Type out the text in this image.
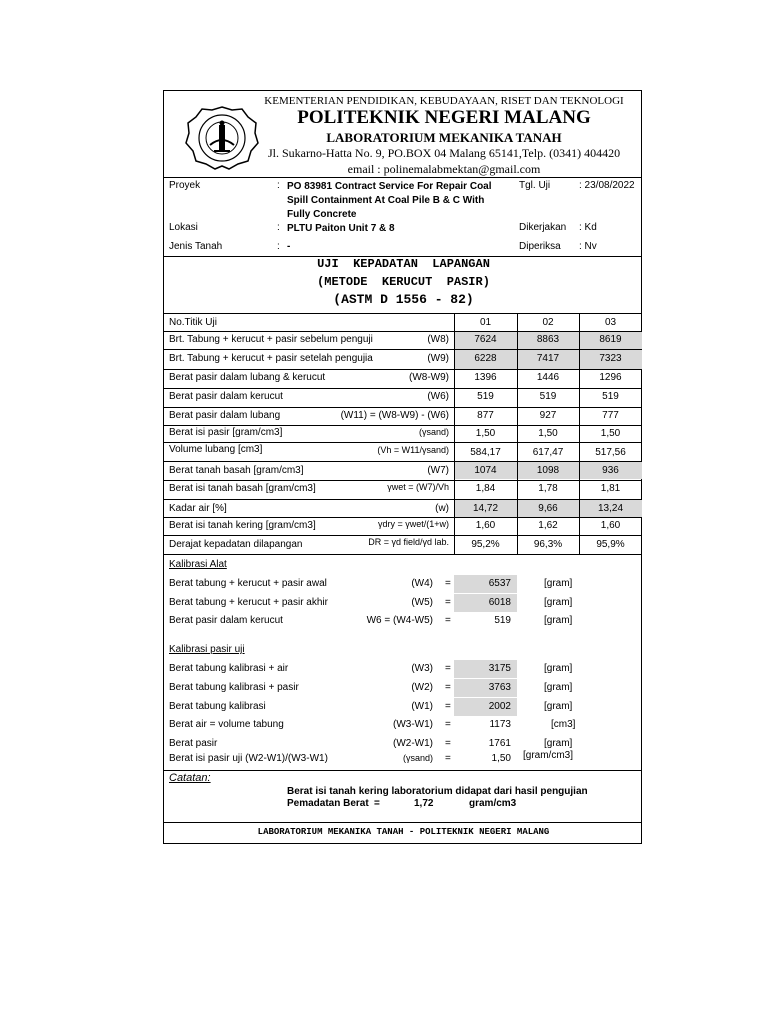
KEMENTERIAN PENDIDIKAN, KEBUDAYAAN, RISET DAN TEKNOLOGI
POLITEKNIK NEGERI MALANG
LABORATORIUM MEKANIKA TANAH
Jl. Sukarno-Hatta No. 9, PO.BOX 04 Malang 65141,Telp. (0341) 404420
email : polinemalabmektan@gmail.com
Proyek	: PO 83981 Contract Service For Repair Coal
Spill Containment At Coal Pile B & C With
Fully Concrete
Tgl. Uji	: 23/08/2022
Lokasi	: PLTU Paiton Unit 7 & 8	Dikerjakan : Kd
Jenis Tanah	: -	Diperiksa : Nv
UJI  KEPADATAN  LAPANGAN
(METODE  KERUCUT  PASIR)
(ASTM D 1556 - 82)
No.Titik Uji	01	02	03
Brt. Tabung + kerucut + pasir sebelum penguji	(W8)	7624	8863	8619
Brt. Tabung + kerucut + pasir setelah pengujia	(W9)	6228	7417	7323
Berat pasir dalam lubang & kerucut	(W8-W9)	1396	1446	1296
Berat pasir dalam kerucut	(W6)	519	519	519
Berat pasir dalam lubang	(W11) = (W8-W9) - (W6)	877	927	777
Berat isi pasir [gram/cm3]	(γsand)	1,50	1,50	1,50
Volume lubang [cm3]	(Vh = W11/γsand)	584,17	617,47	517,56
Berat tanah basah [gram/cm3]	(W7)	1074	1098	936
Berat isi tanah basah [gram/cm3]	γwet = (W7)/Vh	1,84	1,78	1,81
Kadar air [%]	(w)	14,72	9,66	13,24
Berat isi tanah kering [gram/cm3]	γdry = γwet/(1+w)	1,60	1,62	1,60
Derajat kepadatan dilapangan	DR = γd field/γd lab.	95,2%	96,3%	95,9%
Kalibrasi Alat
Berat tabung + kerucut + pasir awal	(W4) =	6537	[gram]
Berat tabung + kerucut + pasir akhir	(W5) =	6018	[gram]
Berat pasir dalam kerucut	W6 = (W4-W5) =	519	[gram]
Kalibrasi pasir uji
Berat tabung kalibrasi + air	(W3) =	3175	[gram]
Berat tabung kalibrasi + pasir	(W2) =	3763	[gram]
Berat tabung kalibrasi	(W1) =	2002	[gram]
Berat air = volume tabung	(W3-W1) =	1173	[cm3]
Berat pasir	(W2-W1) =	1761	[gram]
Berat isi pasir uji (W2-W1)/(W3-W1)	(γsand) =	1,50 [gram/cm3]
Catatan:
Berat isi tanah kering laboratorium didapat dari hasil pengujian
Pemadatan Berat =	1,72	gram/cm3
LABORATORIUM MEKANIKA TANAH - POLITEKNIK NEGERI MALANG
